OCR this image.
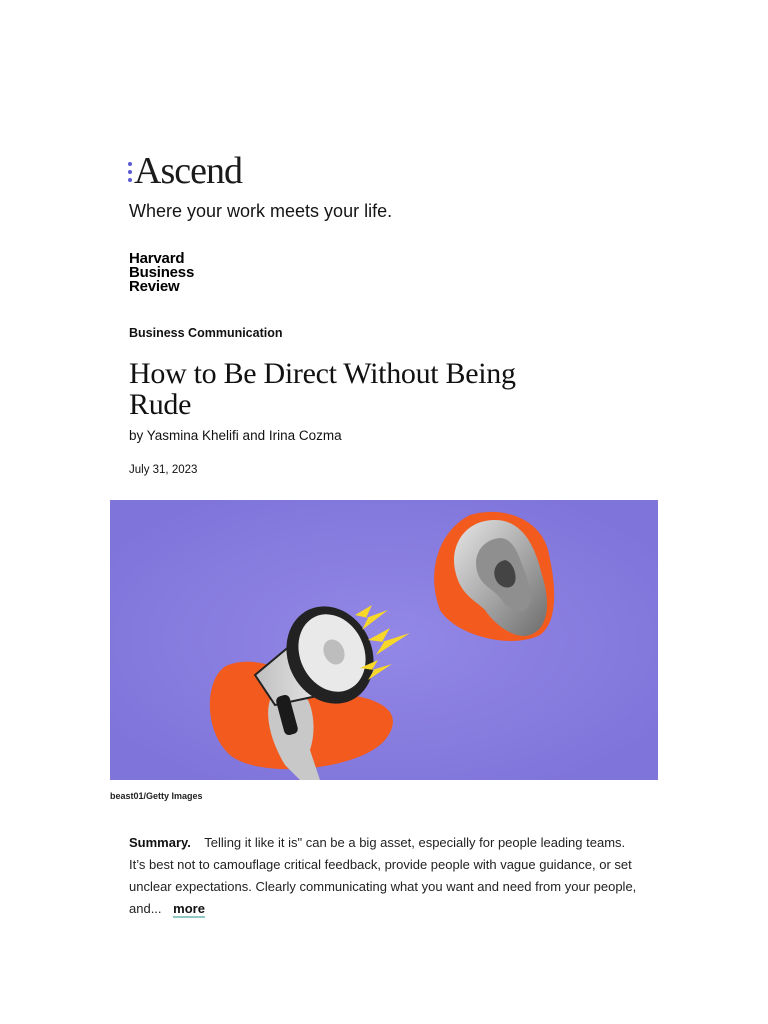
Ascend
Where your work meets your life.
Harvard
Business
Review
Business Communication
How to Be Direct Without Being Rude
by Yasmina Khelifi and Irina Cozma
July 31, 2023
beast01/Getty Images
Summary. Telling it like it is" can be a big asset, especially for people leading teams. It’s best not to camouflage critical feedback, provide people with vague guidance, or set unclear expectations. Clearly communicating what you want and need from your people, and... more
